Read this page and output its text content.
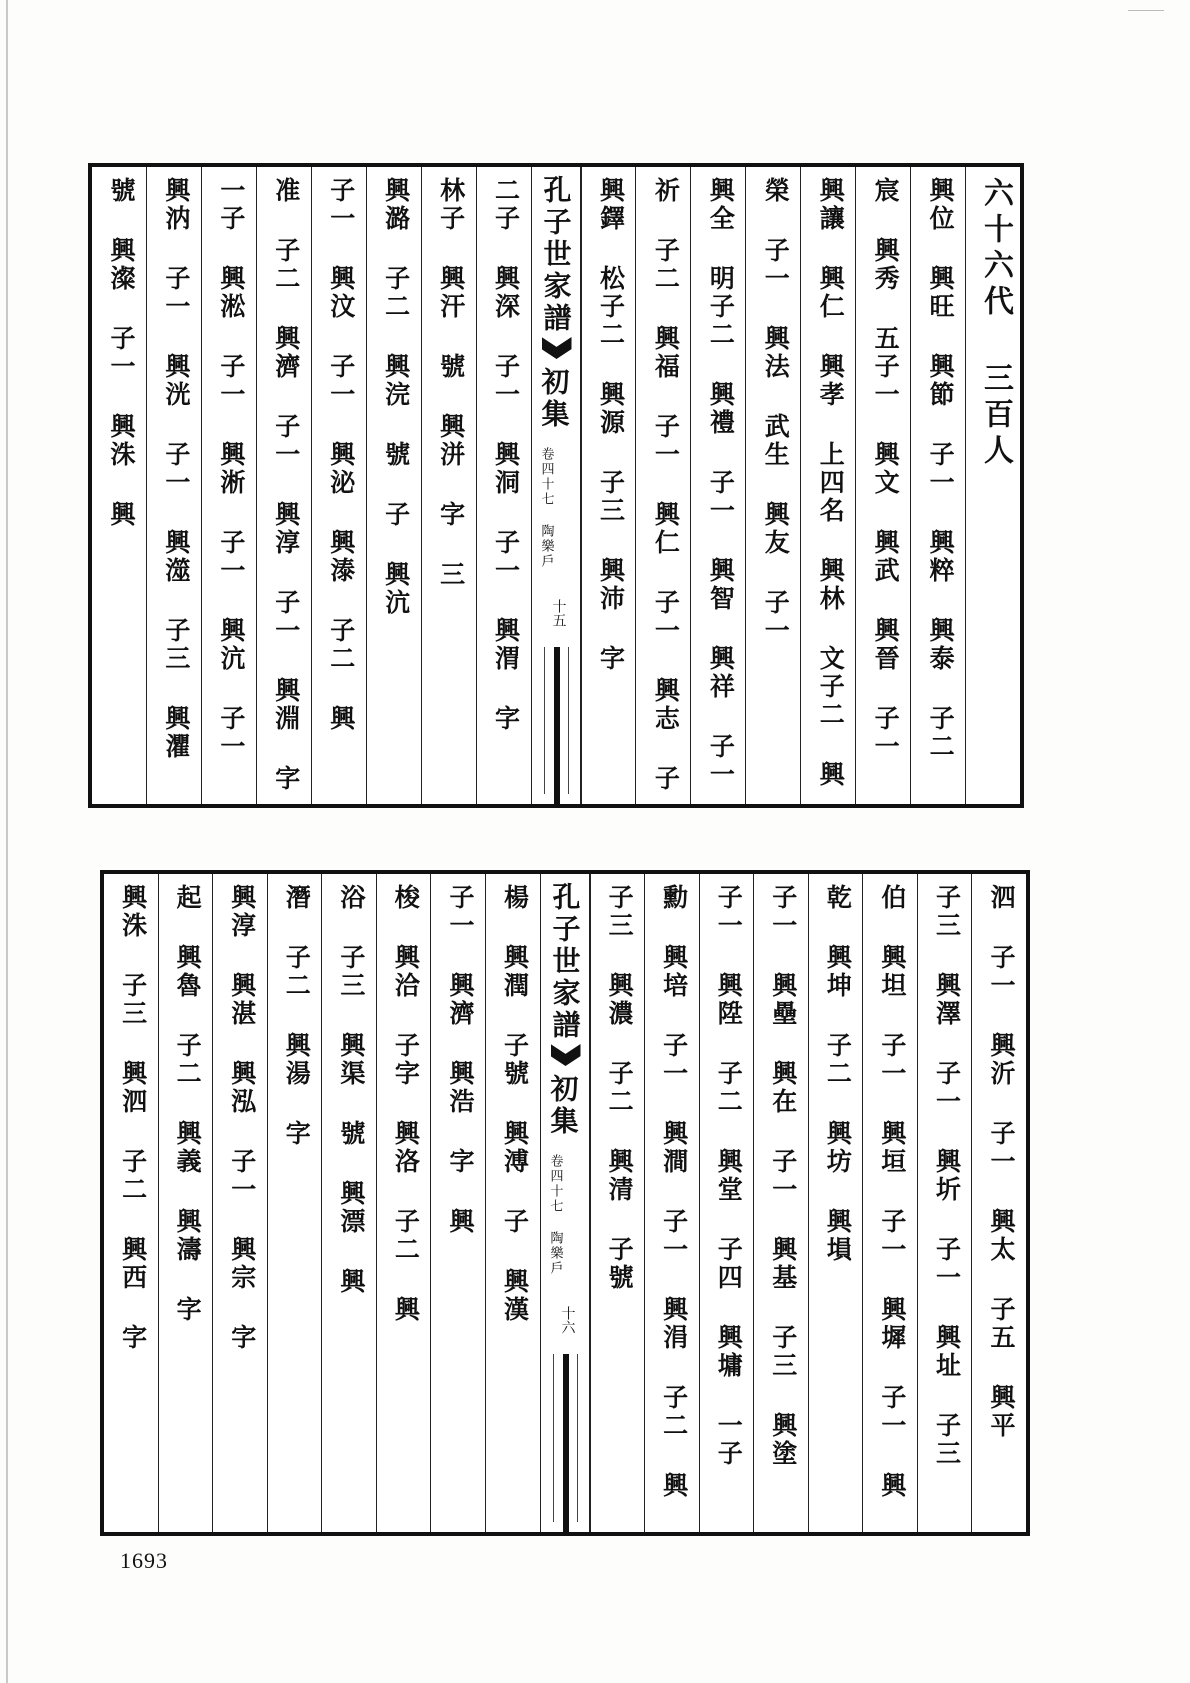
六十六代 三百人
興位 興旺 興節 子一 興粹 興泰 子二
宸 興秀 五子一 興文 興武 興晉 子一
興讓 興仁 興孝 上四名 興林 文子二 興
榮 子一 興法 武生 興友 子一
興全 明子二 興禮 子一 興智 興祥 子一
祈 子二 興福 子一 興仁 子一 興志 子
興鐸 松子二 興源 子三 興沛 字
孔子世家譜
初集
卷四十七 陶樂戶
十五
二子 興深 子一 興洞 子一 興渭 字
林子 興汗 號 興洴 字 三
興潞 子二 興浣 號 子 興沆
子一 興汶 子一 興泌 興溙 子二 興
准 子二 興濟 子一 興淳 子一 興淵 字
一子 興淞 子一 興淅 子一 興沆 子一
興汭 子一 興洸 子一 興澨 子三 興灈
號 興澯 子一 興洙 興
泗 子一 興沂 子一 興太 子五 興平
子三 興澤 子一 興圻 子一 興址 子三
伯 興坦 子一 興垣 子一 興墀 子一 興
乾 興坤 子二 興坊 興塤
子一 興壘 興在 子一 興基 子三 興塗
子一 興陞 子二 興堂 子四 興墉 一子
勳 興培 子一 興澗 子一 興涓 子二 興
子三 興濃 子二 興清 子號
孔子世家譜
初集
卷四十七 陶樂戶
十六
楊 興潤 子號 興溥 子 興漢
子一 興濟 興浩 字 興
梭 興洽 子字 興洛 子二 興
浴 子三 興渠 號 興漂 興
潛 子二 興湯 字
興淳 興湛 興泓 子一 興宗 字
起 興魯 子二 興義 興濤 字
興洙 子三 興泗 子二 興西 字
1693
